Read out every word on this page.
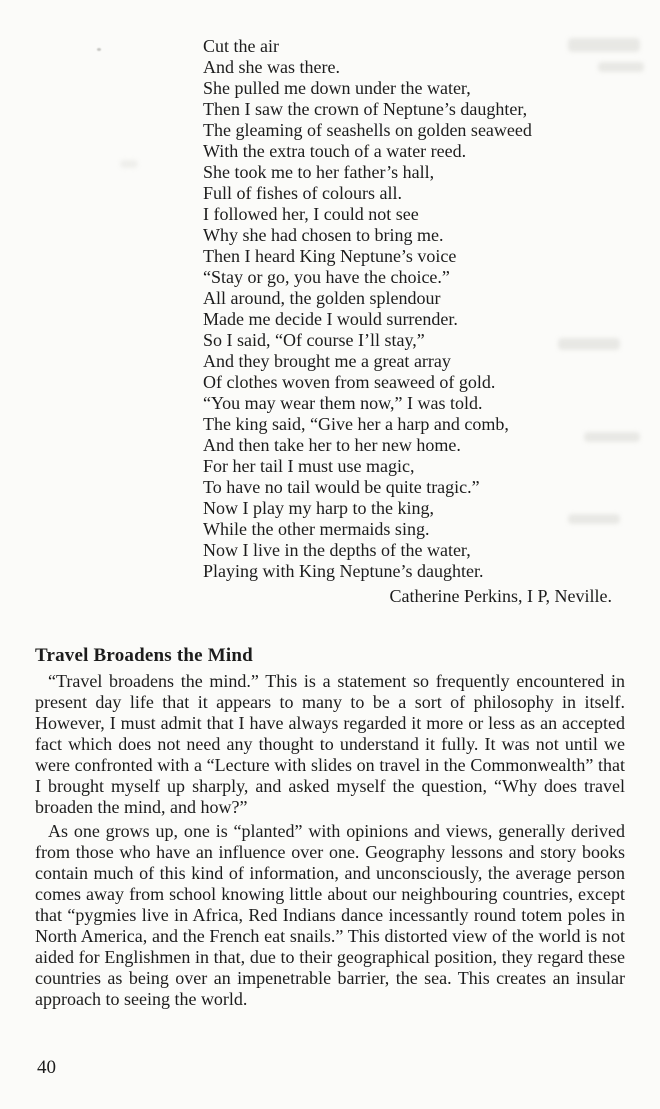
Cut the air
And she was there.
She pulled me down under the water,
Then I saw the crown of Neptune’s daughter,
The gleaming of seashells on golden seaweed
With the extra touch of a water reed.
She took me to her father’s hall,
Full of fishes of colours all.
I followed her, I could not see
Why she had chosen to bring me.
Then I heard King Neptune’s voice
“Stay or go, you have the choice.”
All around, the golden splendour
Made me decide I would surrender.
So I said, “Of course I’ll stay,”
And they brought me a great array
Of clothes woven from seaweed of gold.
“You may wear them now,” I was told.
The king said, “Give her a harp and comb,
And then take her to her new home.
For her tail I must use magic,
To have no tail would be quite tragic.”
Now I play my harp to the king,
While the other mermaids sing.
Now I live in the depths of the water,
Playing with King Neptune’s daughter.
Catherine Perkins, I P, Neville.
Travel Broadens the Mind

“Travel broadens the mind.” This is a statement so frequently encountered in present day life that it appears to many to be a sort of philosophy in itself. However, I must admit that I have always regarded it more or less as an accepted fact which does not need any thought to understand it fully. It was not until we were confronted with a “Lecture with slides on travel in the Commonwealth” that I brought myself up sharply, and asked myself the question, “Why does travel broaden the mind, and how?”

As one grows up, one is “planted” with opinions and views, generally derived from those who have an influence over one. Geography lessons and story books contain much of this kind of information, and unconsciously, the average person comes away from school knowing little about our neighbouring countries, except that “pygmies live in Africa, Red Indians dance incessantly round totem poles in North America, and the French eat snails.” This distorted view of the world is not aided for Englishmen in that, due to their geographical position, they regard these countries as being over an impenetrable barrier, the sea. This creates an insular approach to seeing the world.

40
